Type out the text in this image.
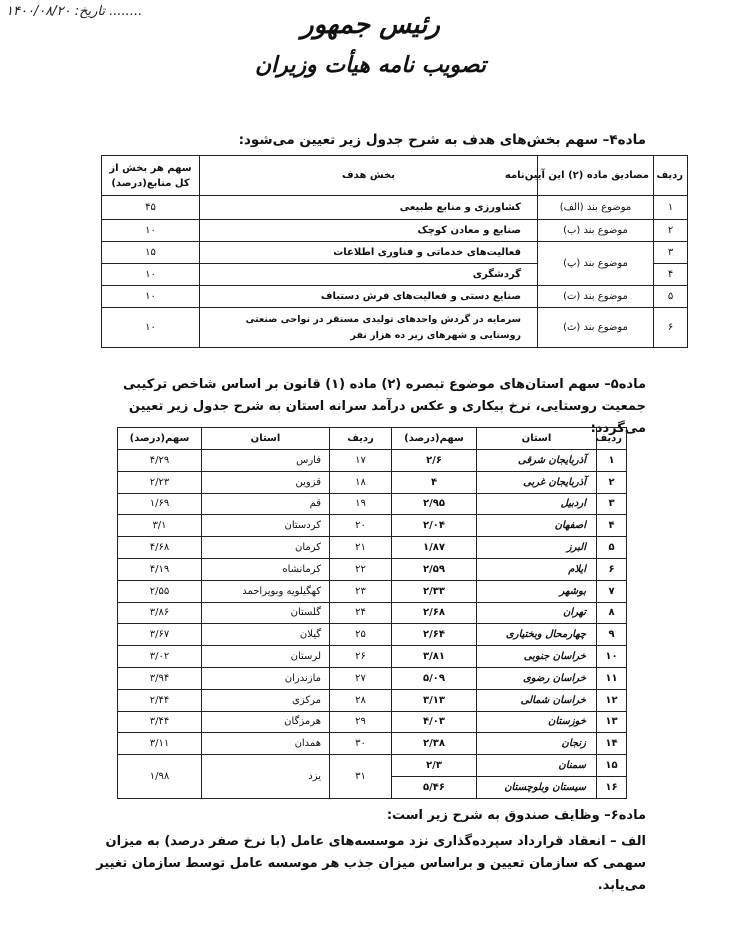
تاریخ: ۱۴۰۰/۰۸/۲۰ ........	رئیس جمهور
تصویب نامه هیأت وزیران
ماده۴– سهم بخش‌های هدف به شرح جدول زیر تعیین می‌شود:
ردیف	مصادیق ماده (۲) این آیین‌نامه	بخش هدف	سهم هر بخش از کل منابع(درصد)
۱	موضوع بند (الف)	کشاورزی و منابع طبیعی	۴۵
۲	موضوع بند (ب)	صنایع و معادن کوچک	۱۰
۳	موضوع بند (پ)	فعالیت‌های خدماتی و فناوری اطلاعات	۱۵
۴		گردشگری	۱۰
۵	موضوع بند (ت)	صنایع دستی و فعالیت‌های فرش دستباف	۱۰
۶	موضوع بند (ث)	سرمایه در گردش واحدهای تولیدی مستقر در نواحی صنعتی روستایی و شهرهای زیر ده هزار نفر	۱۰
ماده۵– سهم استان‌های موضوع تبصره (۲) ماده (۱) قانون بر اساس شاخص ترکیبی جمعیت روستایی، نرخ بیکاری و عکس درآمد سرانه استان به شرح جدول زیر تعیین می‌گردد:
ردیف	استان	سهم(درصد)	ردیف	استان	سهم(درصد)
۱	آذربایجان شرقی	۲/۶	۱۷	فارس	۴/۲۹
۲	آذربایجان غربی	۴	۱۸	قزوین	۲/۲۳
۳	اردبیل	۲/۹۵	۱۹	قم	۱/۶۹
۴	اصفهان	۲/۰۴	۲۰	کردستان	۳/۱
۵	البرز	۱/۸۷	۲۱	کرمان	۴/۶۸
۶	ایلام	۲/۵۹	۲۲	کرمانشاه	۴/۱۹
۷	بوشهر	۲/۳۳	۲۳	کهگیلویه وبویراحمد	۲/۵۵
۸	تهران	۲/۶۸	۲۴	گلستان	۳/۸۶
۹	چهارمحال وبختیاری	۲/۶۴	۲۵	گیلان	۳/۶۷
۱۰	خراسان جنوبی	۳/۸۱	۲۶	لرستان	۳/۰۲
۱۱	خراسان رضوی	۵/۰۹	۲۷	مازندران	۳/۹۴
۱۲	خراسان شمالی	۳/۱۳	۲۸	مرکزی	۲/۴۴
۱۳	خوزستان	۴/۰۳	۲۹	هرمزگان	۳/۴۴
۱۴	زنجان	۲/۳۸	۳۰	همدان	۳/۱۱
۱۵	سمنان	۲/۳	۳۱	یزد	۱/۹۸
۱۶	سیستان وبلوچستان	۵/۴۶			
ماده۶– وظایف صندوق به شرح زیر است:
الف – انعقاد قرارداد سپرده‌گذاری نزد موسسه‌های عامل (با نرخ صفر درصد) به میزان سهمی که سازمان تعیین و براساس میزان جذب هر موسسه عامل توسط سازمان تغییر می‌یابد.
